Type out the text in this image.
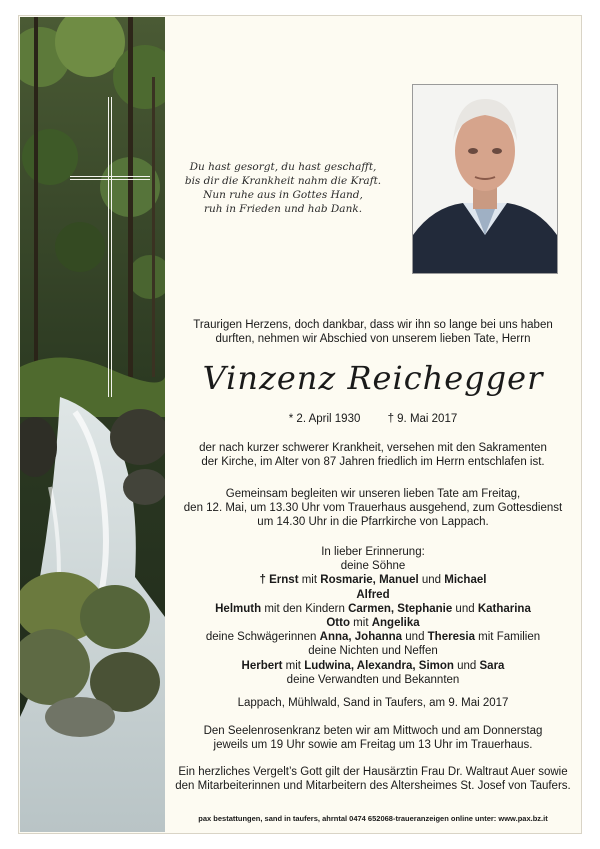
Du hast gesorgt, du hast geschafft,
bis dir die Krankheit nahm die Kraft.
Nun ruhe aus in Gottes Hand,
ruh in Frieden und hab Dank.
Traurigen Herzens, doch dankbar, dass wir ihn so lange bei uns haben
durften, nehmen wir Abschied von unserem lieben Tate, Herrn
Vinzenz Reichegger
* 2. April 1930 † 9. Mai 2017
der nach kurzer schwerer Krankheit, versehen mit den Sakramenten
der Kirche, im Alter von 87 Jahren friedlich im Herrn entschlafen ist.
Gemeinsam begleiten wir unseren lieben Tate am Freitag,
den 12. Mai, um 13.30 Uhr vom Trauerhaus ausgehend, zum Gottesdienst
um 14.30 Uhr in die Pfarrkirche von Lappach.
In lieber Erinnerung:
deine Söhne
† Ernst mit Rosmarie, Manuel und Michael
Alfred
Helmuth mit den Kindern Carmen, Stephanie und Katharina
Otto mit Angelika
deine Schwägerinnen Anna, Johanna und Theresia mit Familien
deine Nichten und Neffen
Herbert mit Ludwina, Alexandra, Simon und Sara
deine Verwandten und Bekannten
Lappach, Mühlwald, Sand in Taufers, am 9. Mai 2017
Den Seelenrosenkranz beten wir am Mittwoch und am Donnerstag
jeweils um 19 Uhr sowie am Freitag um 13 Uhr im Trauerhaus.
Ein herzliches Vergelt’s Gott gilt der Hausärztin Frau Dr. Waltraut Auer sowie
den Mitarbeiterinnen und Mitarbeitern des Altersheimes St. Josef von Taufers.
pax bestattungen, sand in taufers, ahrntal 0474 652068-traueranzeigen online unter: www.pax.bz.it
